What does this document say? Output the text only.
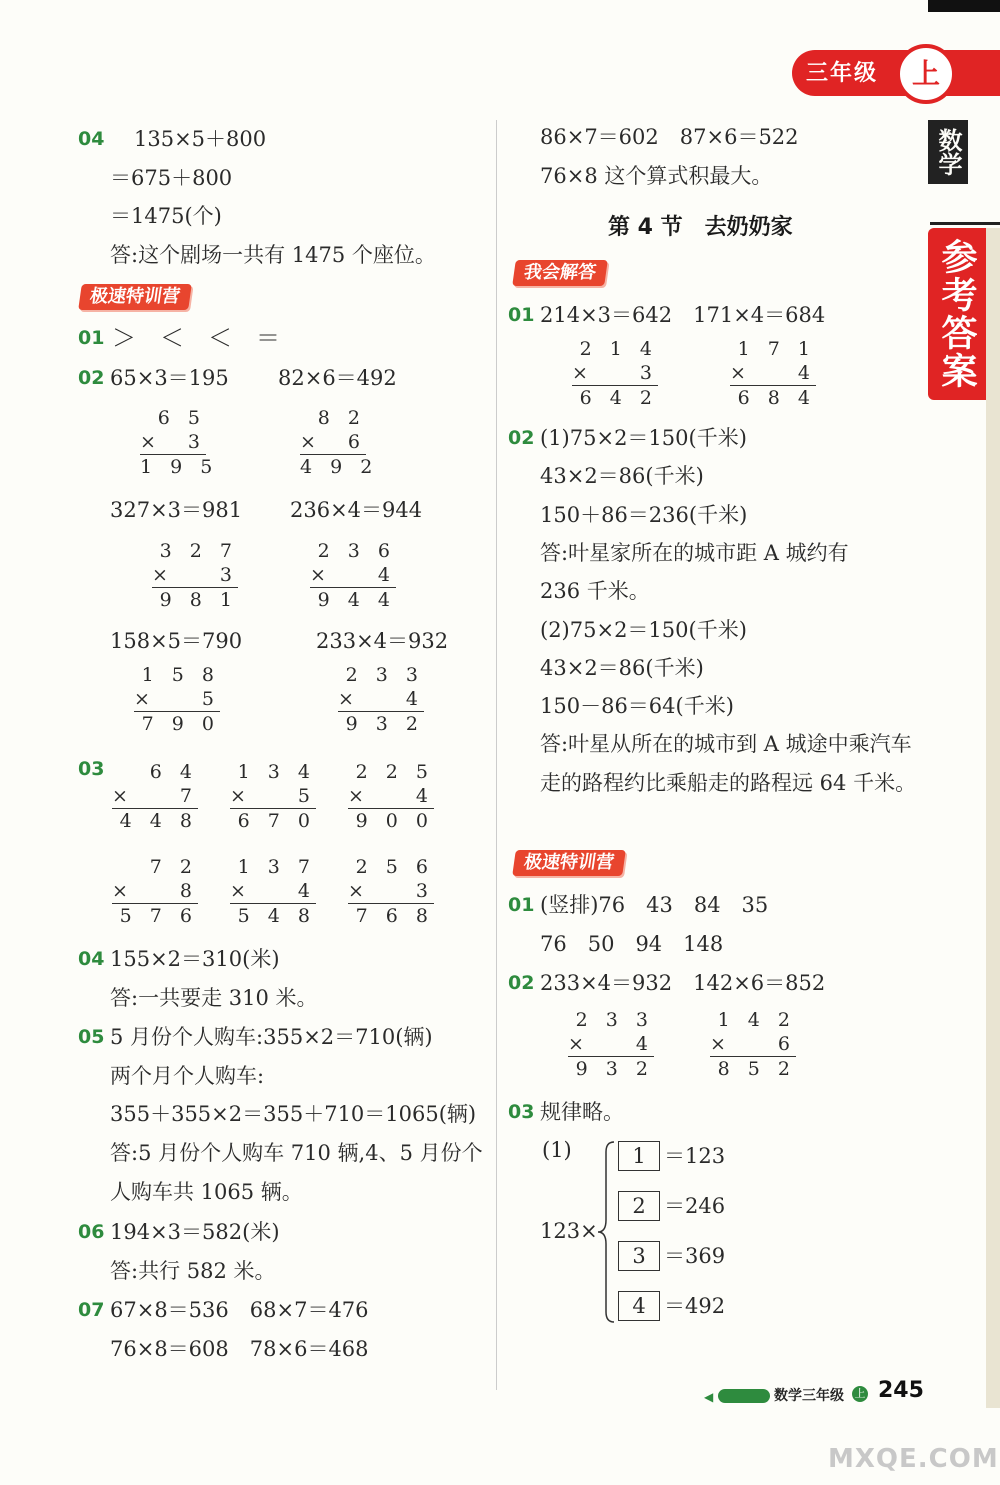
三年级	上
数学
参考答案
04 135×5＋800
＝675＋800
＝1475(个)
答:这个剧场一共有 1475 个座位。
极速特训营
01 ＞　＜　＜　＝
02 65×3＝195 82×6＝492
327×3＝981 236×4＝944
158×5＝790	233×4＝932
6 5
× 3
1 9 5
8 2
× 6
4 9 2
3 2 7
×	3
9 8 1
2 3 6
×	4
9 4 4
1 5 8
×	5
7 9 0
2 3 3
×	4
9 3 2
03	6 4
×	7
4 4 8
1 3 4
×	5
6 7 0
2 2 5
×	4
9 0 0
7 2
×	8
5 7 6
1 3 7
×	4
5 4 8
2 5 6
×	3
7 6 8
04 155×2＝310(米)
答:一共要走 310 米。
05 5 月份个人购车:355×2＝710(辆)
两个月个人购车:
355＋355×2＝355＋710＝1065(辆)
答:5 月份个人购车 710 辆,4、5 月份个人购车共 1065 辆。
06 194×3＝582(米)
答:共行 582 米。
07 67×8＝536　68×7＝476
76×8＝608　78×6＝468
86×7＝602　87×6＝522
76×8 这个算式积最大。
第 4 节　去奶奶家
我会解答
01 214×3＝642　171×4＝684
2 1 4
×	3
6 4 2
1 7 1
×	4
6 8 4
02 (1)75×2＝150(千米)
43×2＝86(千米)
150＋86＝236(千米)
答:叶星家所在的城市距 A 城约有
236 千米。
(2)75×2＝150(千米)
43×2＝86(千米)
150－86＝64(千米)
答:叶星从所在的城市到 A 城途中乘汽车走的路程约比乘船走的路程远 64 千米。
极速特训营
01 (竖排)76　43　84　35
76　50　94　148
02 233×4＝932　142×6＝852
2 3 3
×	4
9 3 2
1 4 2
×	6
8 5 2
03 规律略。
(1)
123×
1 ＝123
2 ＝246
3 ＝369
4 ＝492
◀	数学三年级 上 245
MXQE.COM
